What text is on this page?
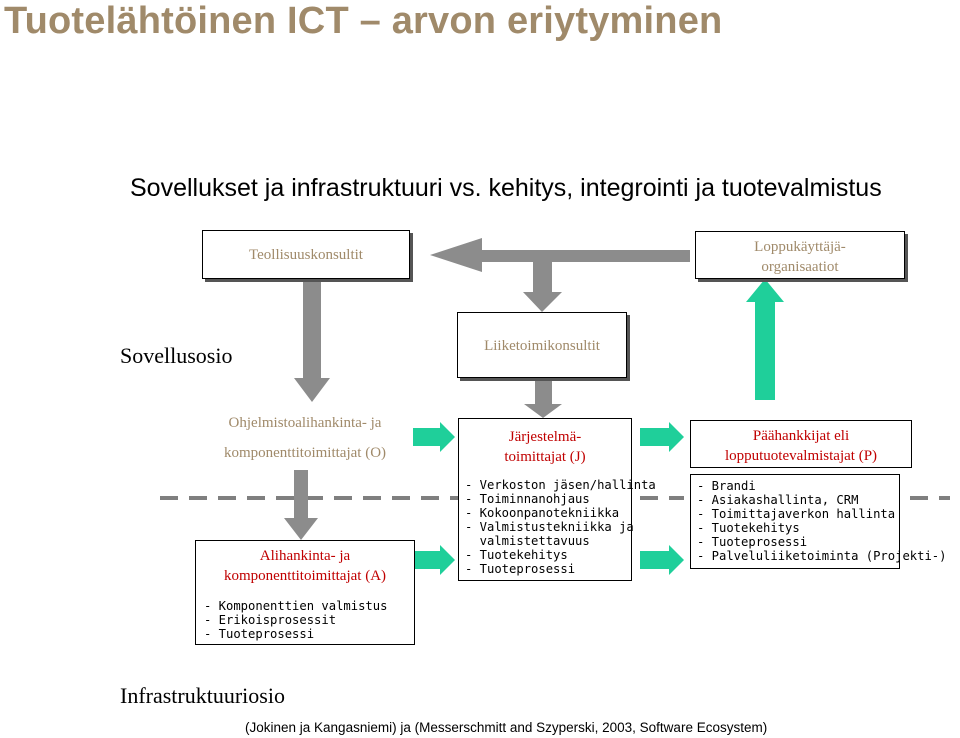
Tuotelähtöinen ICT – arvon eriytyminen
Sovellukset ja infrastruktuuri vs. kehitys, integrointi ja tuotevalmistus
Teollisuuskonsultit	Loppukäyttäjä-
organisaatiot
Liiketoimikonsultit
Sovellusosio
Ohjelmistoalihankinta- ja
komponenttitoimittajat (O)
Järjestelmä-
toimittajat (J)
- Verkoston jäsen/hallinta
- Toiminnanohjaus
- Kokoonpanotekniikka
- Valmistustekniikka ja
valmistettavuus
- Tuotekehitys
- Tuoteprosessi
Päähankkijat eli
lopputuotevalmistajat (P)
- Brandi
- Asiakashallinta, CRM
- Toimittajaverkon hallinta
- Tuotekehitys
- Tuoteprosessi
- Palveluliiketoiminta (Projekti-)
Alihankinta- ja
komponenttitoimittajat (A)
- Komponenttien valmistus
- Erikoisprosessit
- Tuoteprosessi
Infrastruktuuriosio
(Jokinen ja Kangasniemi) ja (Messerschmitt and Szyperski, 2003, Software Ecosystem)
